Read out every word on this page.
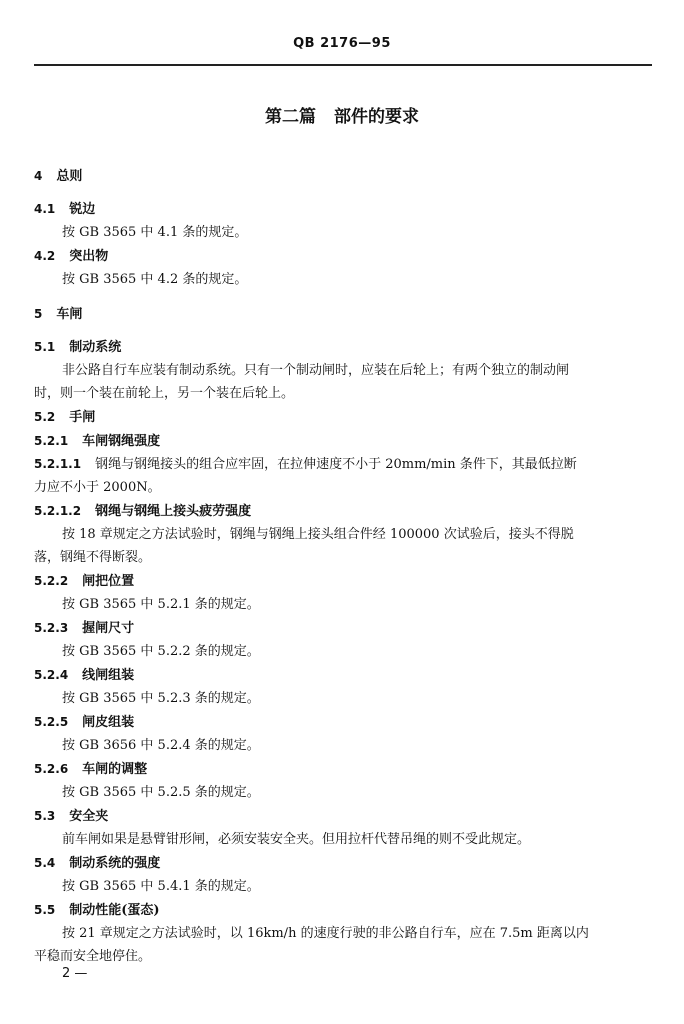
QB 2176—95
第二篇 部件的要求
4 总则
4.1 锐边
按 GB 3565 中 4.1 条的规定。
4.2 突出物
按 GB 3565 中 4.2 条的规定。
5 车闸
5.1 制动系统
非公路自行车应装有制动系统。只有一个制动闸时，应装在后轮上；有两个独立的制动闸
时，则一个装在前轮上，另一个装在后轮上。
5.2 手闸
5.2.1 车闸钢绳强度
5.2.1.1 钢绳与钢绳接头的组合应牢固，在拉伸速度不小于 20mm/min 条件下，其最低拉断
力应不小于 2000N。
5.2.1.2 钢绳与钢绳上接头疲劳强度
按 18 章规定之方法试验时，钢绳与钢绳上接头组合件经 100000 次试验后，接头不得脱
落，钢绳不得断裂。
5.2.2 闸把位置
按 GB 3565 中 5.2.1 条的规定。
5.2.3 握闸尺寸
按 GB 3565 中 5.2.2 条的规定。
5.2.4 线闸组装
按 GB 3565 中 5.2.3 条的规定。
5.2.5 闸皮组装
按 GB 3656 中 5.2.4 条的规定。
5.2.6 车闸的调整
按 GB 3565 中 5.2.5 条的规定。
5.3 安全夹
前车闸如果是悬臂钳形闸，必须安装安全夹。但用拉杆代替吊绳的则不受此规定。
5.4 制动系统的强度
按 GB 3565 中 5.4.1 条的规定。
5.5 制动性能(蛋态)
按 21 章规定之方法试验时，以 16km/h 的速度行驶的非公路自行车，应在 7.5m 距离以内
平稳而安全地停住。
2 —
